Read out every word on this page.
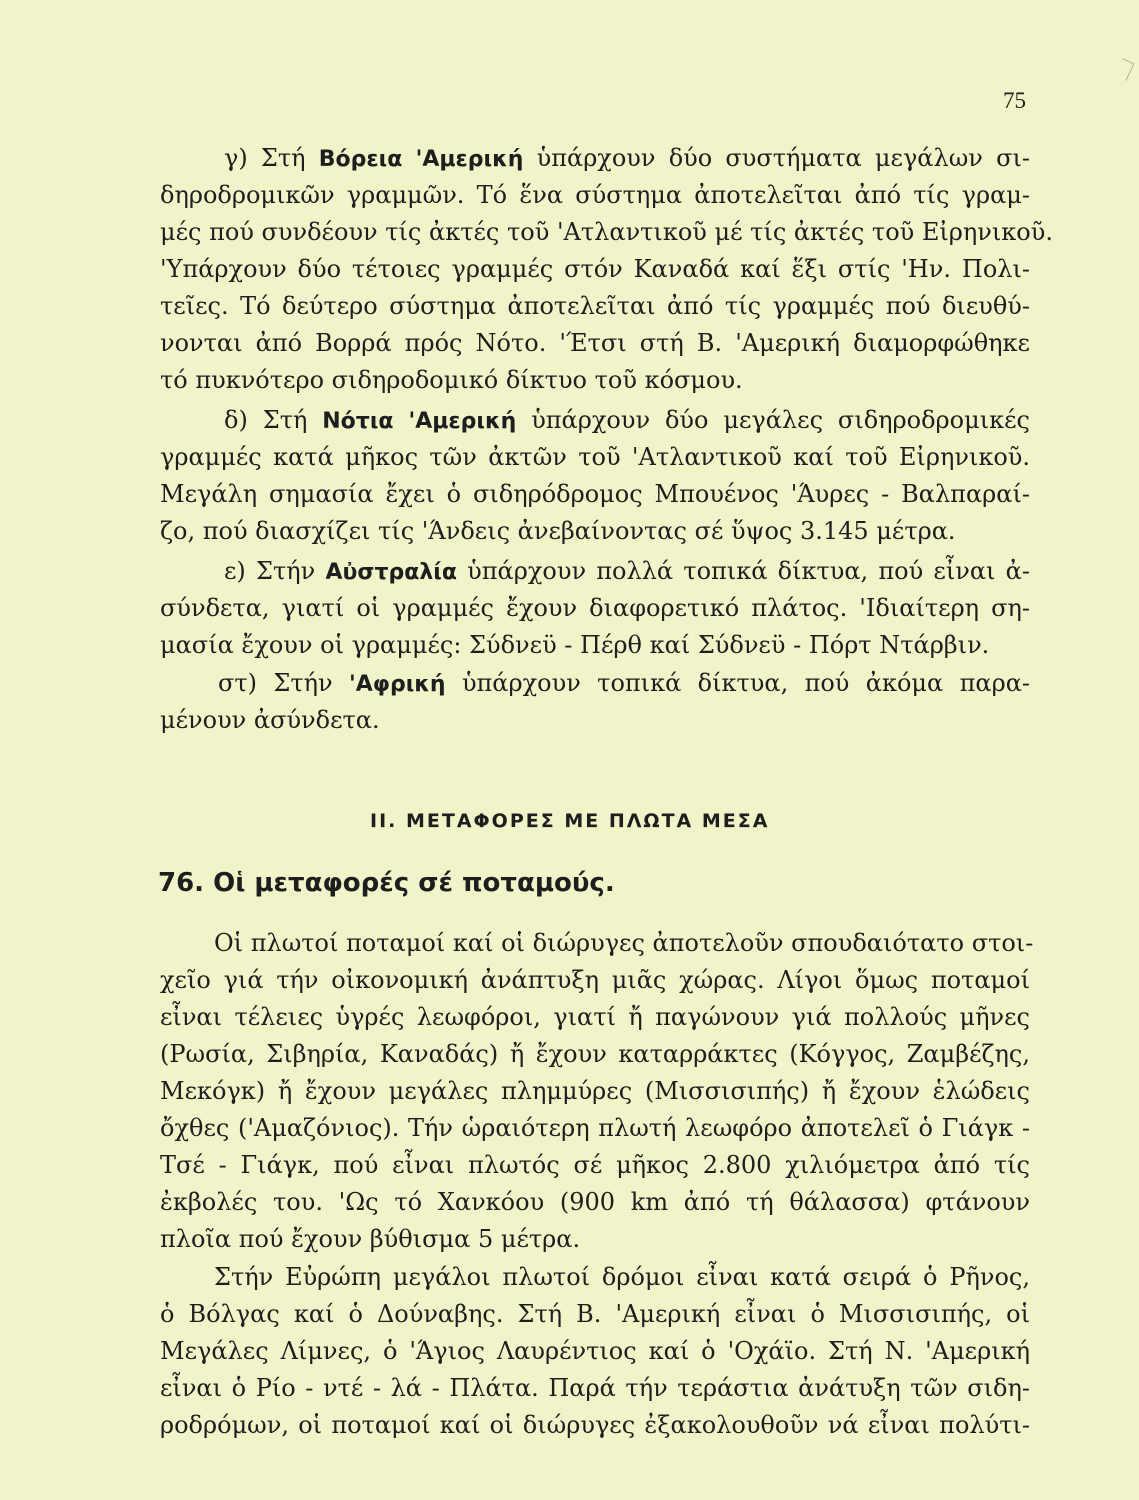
75
γ) Στή Βόρεια 'Αμερική ὑπάρχουν δύο συστήματα μεγάλων σι-
δηροδρομικῶν γραμμῶν. Τό ἕνα σύστημα ἀποτελεῖται ἀπό τίς γραμ-
μές πού συνδέουν τίς ἀκτές τοῦ 'Ατλαντικοῦ μέ τίς ἀκτές τοῦ Εἰρηνικοῦ.
'Υπάρχουν δύο τέτοιες γραμμές στόν Καναδά καί ἕξι στίς 'Ην. Πολι-
τεῖες. Τό δεύτερο σύστημα ἀποτελεῖται ἀπό τίς γραμμές πού διευθύ-
νονται ἀπό Βορρά πρός Νότο. 'Έτσι στή Β. 'Αμερική διαμορφώθηκε
τό πυκνότερο σιδηροδομικό δίκτυο τοῦ κόσμου.
δ) Στή Νότια 'Αμερική ὑπάρχουν δύο μεγάλες σιδηροδρομικές
γραμμές κατά μῆκος τῶν ἀκτῶν τοῦ 'Ατλαντικοῦ καί τοῦ Εἰρηνικοῦ.
Μεγάλη σημασία ἔχει ὁ σιδηρόδρομος Μπουένος 'Άυρες - Βαλπαραί-
ζο, πού διασχίζει τίς 'Άνδεις ἀνεβαίνοντας σέ ὕψος 3.145 μέτρα.
ε) Στήν Αὐστραλία ὑπάρχουν πολλά τοπικά δίκτυα, πού εἶναι ἀ-
σύνδετα, γιατί οἱ γραμμές ἔχουν διαφορετικό πλάτος. 'Ιδιαίτερη ση-
μασία ἔχουν οἱ γραμμές: Σύδνεϋ - Πέρθ καί Σύδνεϋ - Πόρτ Ντάρβιν.
στ) Στήν 'Αφρική ὑπάρχουν τοπικά δίκτυα, πού ἀκόμα παρα-
μένουν ἀσύνδετα.
ΙΙ. ΜΕΤΑΦΟΡΕΣ ΜΕ ΠΛΩΤΑ ΜΕΣΑ
76. Οἱ μεταφορές σέ ποταμούς.
Οἱ πλωτοί ποταμοί καί οἱ διώρυγες ἀποτελοῦν σπουδαιότατο στοι-
χεῖο γιά τήν οἰκονομική ἀνάπτυξη μιᾶς χώρας. Λίγοι ὅμως ποταμοί
εἶναι τέλειες ὑγρές λεωφόροι, γιατί ἤ παγώνουν γιά πολλούς μῆνες
(Ρωσία, Σιβηρία, Καναδάς) ἤ ἔχουν καταρράκτες (Κόγγος, Ζαμβέζης,
Μεκόγκ) ἤ ἔχουν μεγάλες πλημμύρες (Μισσισιπής) ἤ ἔχουν ἑλώδεις
ὄχθες ('Αμαζόνιος). Τήν ὡραιότερη πλωτή λεωφόρο ἀποτελεῖ ὁ Γιάγκ -
Τσέ - Γιάγκ, πού εἶναι πλωτός σέ μῆκος 2.800 χιλιόμετρα ἀπό τίς
ἐκβολές του. 'Ως τό Χανκόου (900 km ἀπό τή θάλασσα) φτάνουν
πλοῖα πού ἔχουν βύθισμα 5 μέτρα.
Στήν Εὐρώπη μεγάλοι πλωτοί δρόμοι εἶναι κατά σειρά ὁ Ρῆνος,
ὁ Βόλγας καί ὁ Δούναβης. Στή Β. 'Αμερική εἶναι ὁ Μισσισιπής, οἱ
Μεγάλες Λίμνες, ὁ 'Άγιος Λαυρέντιος καί ὁ 'Οχάϊο. Στή Ν. 'Αμερική
εἶναι ὁ Ρίο - ντέ - λά - Πλάτα. Παρά τήν τεράστια ἀνάτυξη τῶν σιδη-
ροδρόμων, οἱ ποταμοί καί οἱ διώρυγες ἐξακολουθοῦν νά εἶναι πολύτι-
